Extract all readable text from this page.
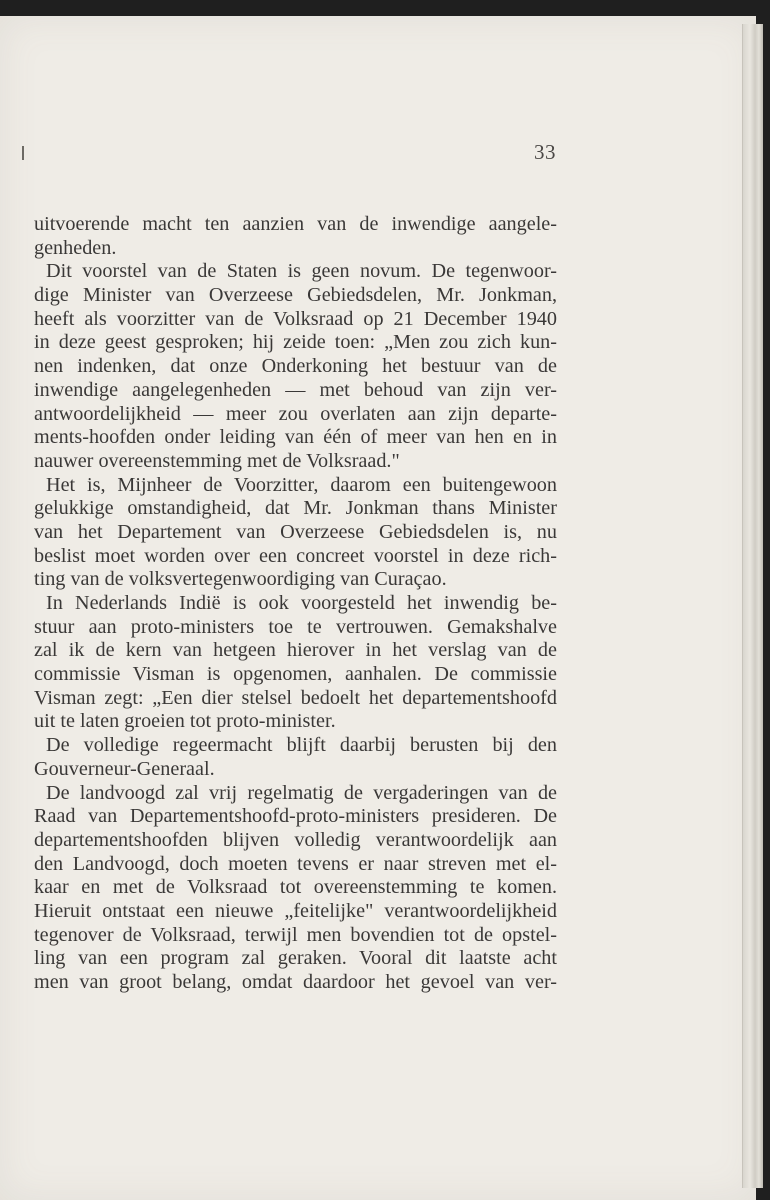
33
uitvoerende macht ten aanzien van de inwendige aangele-
genheden.
Dit voorstel van de Staten is geen novum. De tegenwoor-
dige Minister van Overzeese Gebiedsdelen, Mr. Jonkman,
heeft als voorzitter van de Volksraad op 21 December 1940
in deze geest gesproken; hij zeide toen: „Men zou zich kun-
nen indenken, dat onze Onderkoning het bestuur van de
inwendige aangelegenheden — met behoud van zijn ver-
antwoordelijkheid — meer zou overlaten aan zijn departe-
ments-hoofden onder leiding van één of meer van hen en in
nauwer overeenstemming met de Volksraad."
Het is, Mijnheer de Voorzitter, daarom een buitengewoon
gelukkige omstandigheid, dat Mr. Jonkman thans Minister
van het Departement van Overzeese Gebiedsdelen is, nu
beslist moet worden over een concreet voorstel in deze rich-
ting van de volksvertegenwoordiging van Curaçao.
In Nederlands Indië is ook voorgesteld het inwendig be-
stuur aan proto-ministers toe te vertrouwen. Gemakshalve
zal ik de kern van hetgeen hierover in het verslag van de
commissie Visman is opgenomen, aanhalen. De commissie
Visman zegt: „Een dier stelsel bedoelt het departementshoofd
uit te laten groeien tot proto-minister.
De volledige regeermacht blijft daarbij berusten bij den
Gouverneur-Generaal.
De landvoogd zal vrij regelmatig de vergaderingen van de
Raad van Departementshoofd-proto-ministers presideren. De
departementshoofden blijven volledig verantwoordelijk aan
den Landvoogd, doch moeten tevens er naar streven met el-
kaar en met de Volksraad tot overeenstemming te komen.
Hieruit ontstaat een nieuwe „feitelijke" verantwoordelijkheid
tegenover de Volksraad, terwijl men bovendien tot de opstel-
ling van een program zal geraken. Vooral dit laatste acht
men van groot belang, omdat daardoor het gevoel van ver-
